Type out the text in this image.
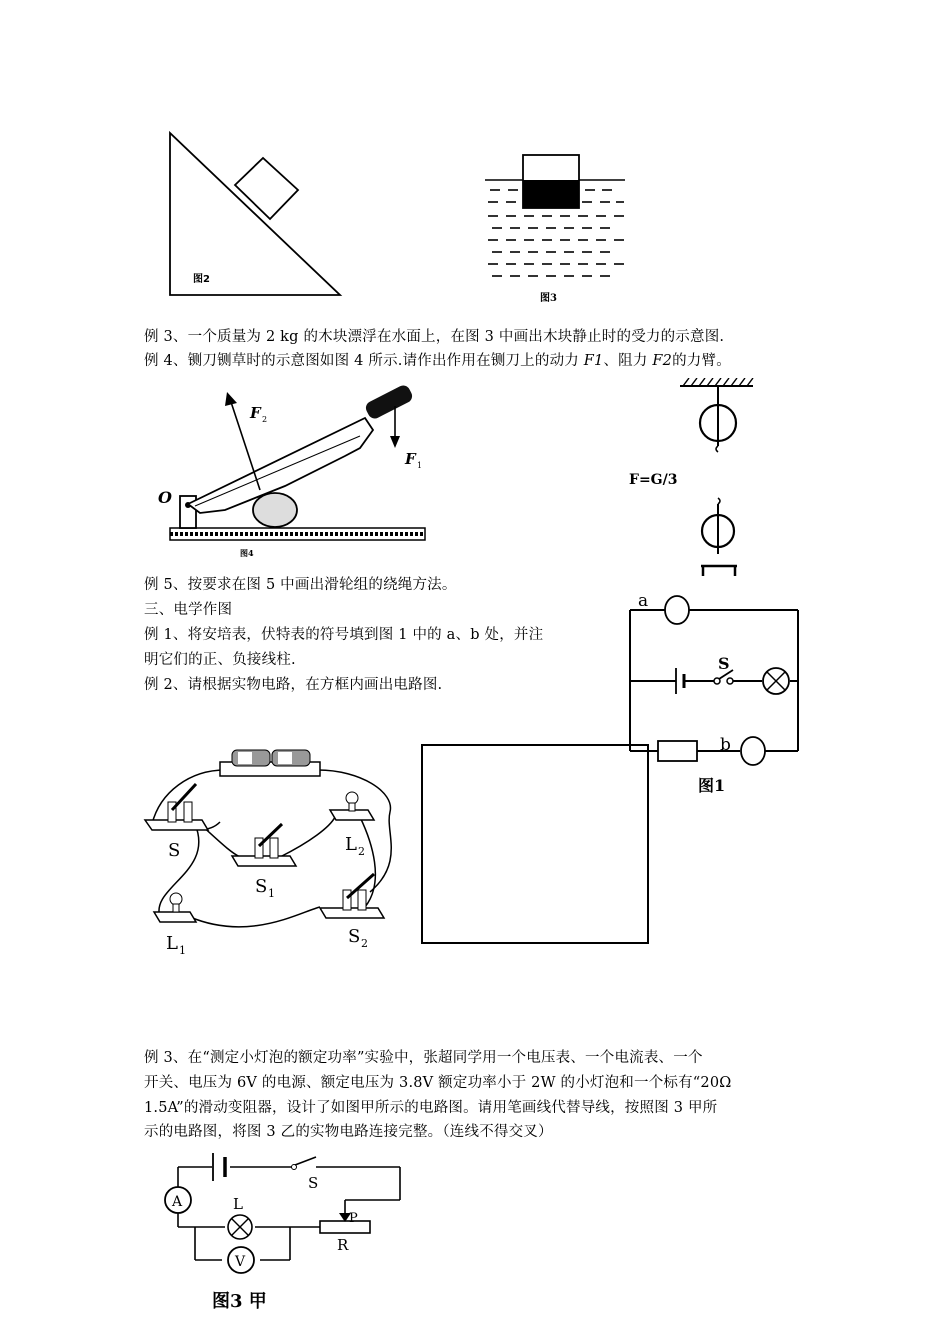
图2
图3
例 3、一个质量为 2 kg 的木块漂浮在水面上，在图 3 中画出木块静止时的受力的示意图.
例 4、铡刀铡草时的示意图如图 4 所示.请作出作用在铡刀上的动力 F1、阻力 F2的力臂。
F 2
F 1
O
图4
F=G/3
例 5、按要求在图 5 中画出滑轮组的绕绳方法。
三、电学作图
例 1、将安培表，伏特表的符号填到图 1 中的 a、b 处，并注
明它们的正、负接线柱.
例 2、请根据实物电路，在方框内画出电路图.
a
S
b
图1
S
S 1
L 2
L 1
S 2
例 3、在“测定小灯泡的额定功率”实验中，张超同学用一个电压表、一个电流表、一个
开关、电压为 6V 的电源、额定电压为 3.8V 额定功率小于 2W 的小灯泡和一个标有“20Ω
1.5A”的滑动变阻器，设计了如图甲所示的电路图。请用笔画线代替导线，按照图 3 甲所
示的电路图，将图 3 乙的实物电路连接完整。（连线不得交叉）
S
A	L
V
P
R
图3 甲
